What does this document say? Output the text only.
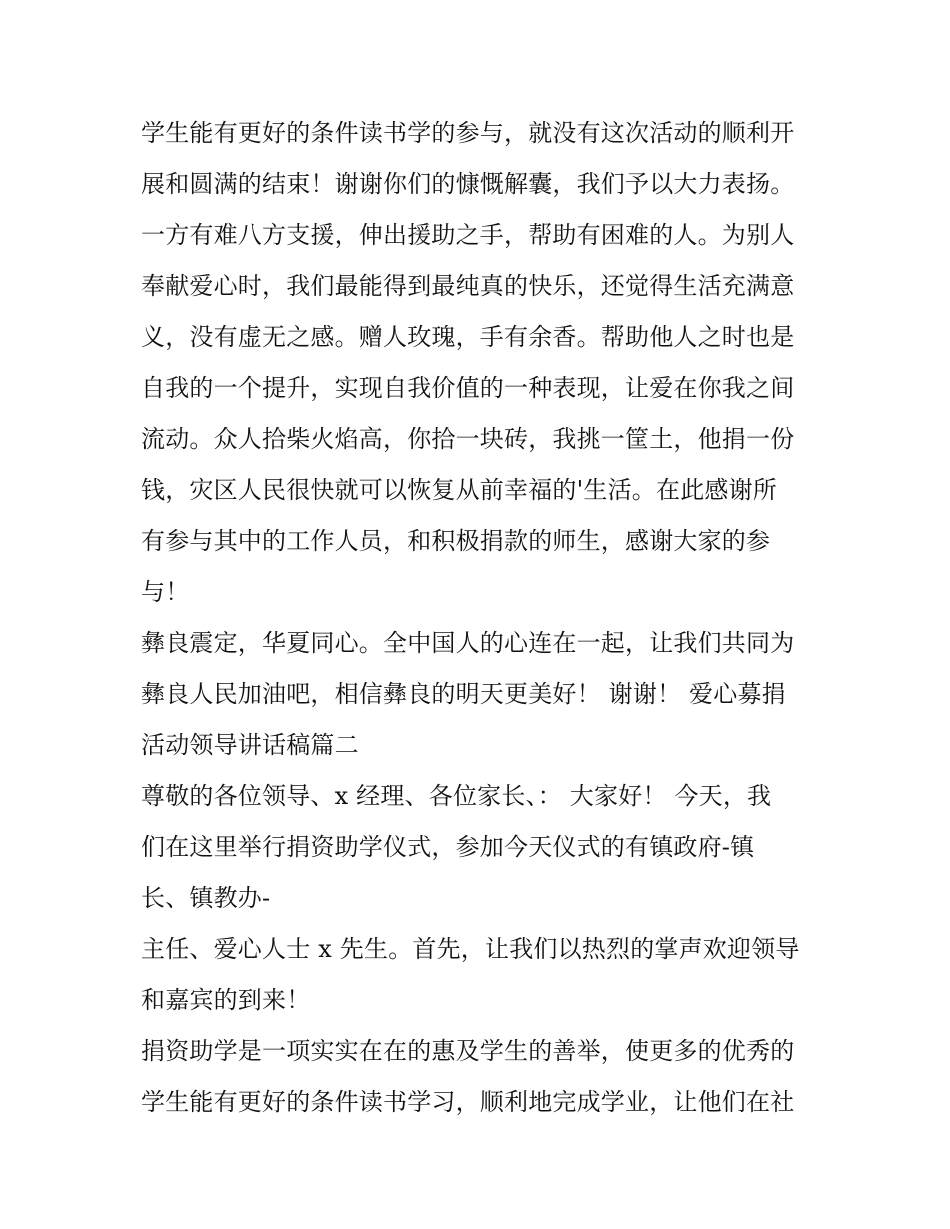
学生能有更好的条件读书学的参与，就没有这次活动的顺利开
展和圆满的结束！谢谢你们的慷慨解囊，我们予以大力表扬。
一方有难八方支援，伸出援助之手，帮助有困难的人。为别人
奉献爱心时，我们最能得到最纯真的快乐，还觉得生活充满意
义，没有虚无之感。赠人玫瑰，手有余香。帮助他人之时也是
自我的一个提升，实现自我价值的一种表现，让爱在你我之间
流动。众人拾柴火焰高，你拾一块砖，我挑一筐土，他捐一份
钱，灾区人民很快就可以恢复从前幸福的'生活。在此感谢所
有参与其中的工作人员，和积极捐款的师生，感谢大家的参
与！
彝良震定，华夏同心。全中国人的心连在一起，让我们共同为
彝良人民加油吧，相信彝良的明天更美好！ 谢谢！ 爱心募捐
活动领导讲话稿篇二
尊敬的各位领导、x 经理、各位家长、： 大家好！ 今天，我
们在这里举行捐资助学仪式，参加今天仪式的有镇政府-镇
长、镇教办-
主任、爱心人士 x 先生。首先，让我们以热烈的掌声欢迎领导
和嘉宾的到来！
捐资助学是一项实实在在的惠及学生的善举，使更多的优秀的
学生能有更好的条件读书学习，顺利地完成学业，让他们在社
